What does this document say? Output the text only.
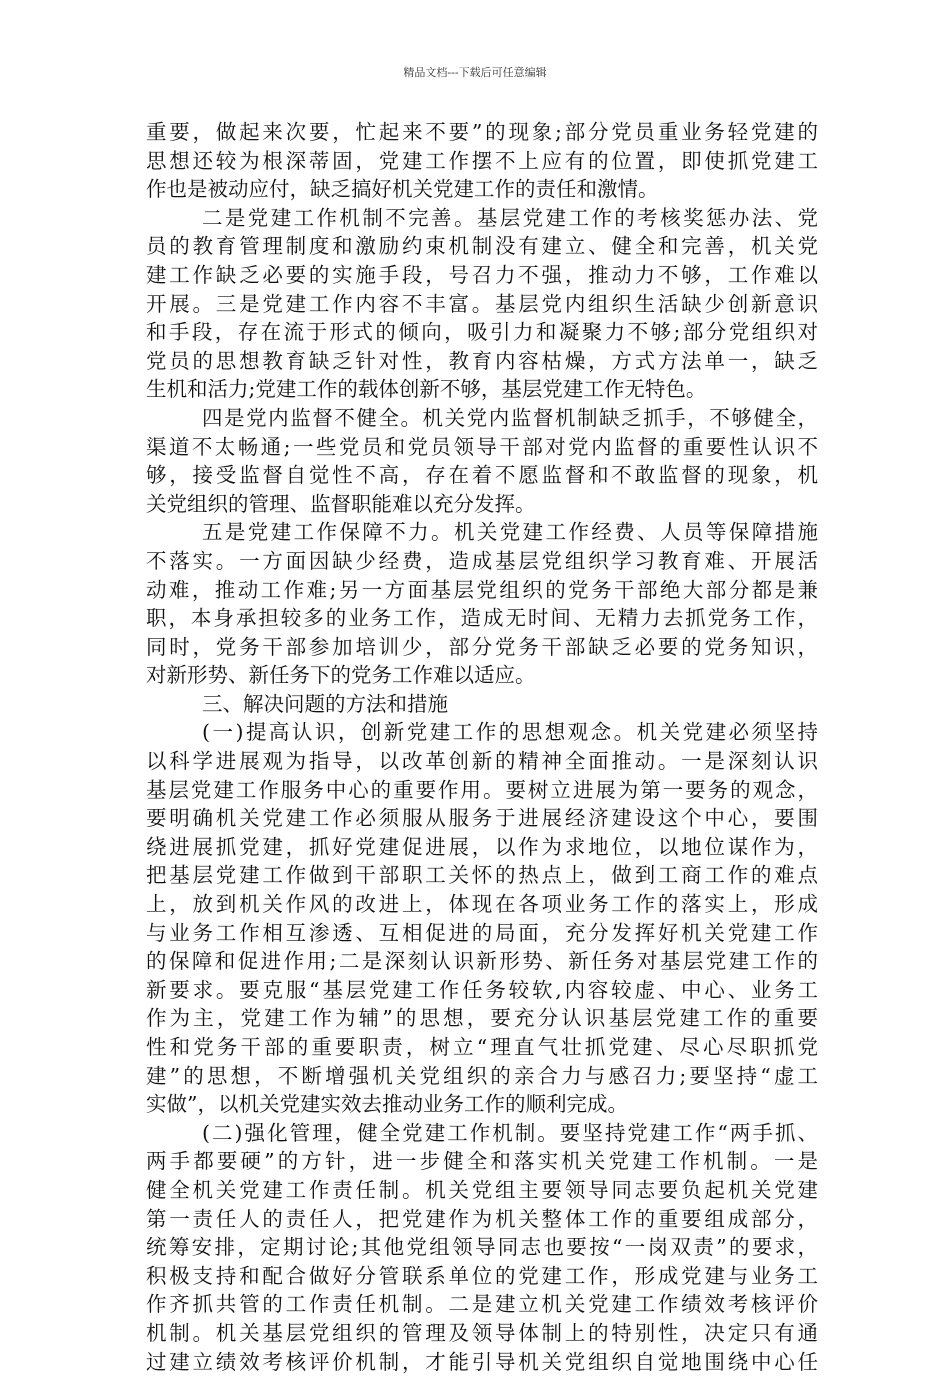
精品文档---下载后可任意编辑
重要，做起来次要，忙起来不要”的现象;部分党员重业务轻党建的
思想还较为根深蒂固，党建工作摆不上应有的位置，即使抓党建工
作也是被动应付，缺乏搞好机关党建工作的责任和激情。
二是党建工作机制不完善。基层党建工作的考核奖惩办法、党
员的教育管理制度和激励约束机制没有建立、健全和完善，机关党
建工作缺乏必要的实施手段，号召力不强，推动力不够，工作难以
开展。三是党建工作内容不丰富。基层党内组织生活缺少创新意识
和手段，存在流于形式的倾向，吸引力和凝聚力不够;部分党组织对
党员的思想教育缺乏针对性，教育内容枯燥，方式方法单一，缺乏
生机和活力;党建工作的载体创新不够，基层党建工作无特色。
四是党内监督不健全。机关党内监督机制缺乏抓手，不够健全，
渠道不太畅通;一些党员和党员领导干部对党内监督的重要性认识不
够，接受监督自觉性不高，存在着不愿监督和不敢监督的现象，机
关党组织的管理、监督职能难以充分发挥。
五是党建工作保障不力。机关党建工作经费、人员等保障措施
不落实。一方面因缺少经费，造成基层党组织学习教育难、开展活
动难，推动工作难;另一方面基层党组织的党务干部绝大部分都是兼
职，本身承担较多的业务工作，造成无时间、无精力去抓党务工作，
同时，党务干部参加培训少，部分党务干部缺乏必要的党务知识，
对新形势、新任务下的党务工作难以适应。
三、解决问题的方法和措施
(一)提高认识，创新党建工作的思想观念。机关党建必须坚持
以科学进展观为指导，以改革创新的精神全面推动。一是深刻认识
基层党建工作服务中心的重要作用。要树立进展为第一要务的观念，
要明确机关党建工作必须服从服务于进展经济建设这个中心，要围
绕进展抓党建，抓好党建促进展，以作为求地位，以地位谋作为，
把基层党建工作做到干部职工关怀的热点上，做到工商工作的难点
上，放到机关作风的改进上，体现在各项业务工作的落实上，形成
与业务工作相互渗透、互相促进的局面，充分发挥好机关党建工作
的保障和促进作用;二是深刻认识新形势、新任务对基层党建工作的
新要求。要克服“基层党建工作任务较软,内容较虚、中心、业务工
作为主，党建工作为辅”的思想，要充分认识基层党建工作的重要
性和党务干部的重要职责，树立“理直气壮抓党建、尽心尽职抓党
建”的思想，不断增强机关党组织的亲合力与感召力;要坚持“虚工
实做”，以机关党建实效去推动业务工作的顺利完成。
(二)强化管理，健全党建工作机制。要坚持党建工作“两手抓、
两手都要硬”的方针，进一步健全和落实机关党建工作机制。一是
健全机关党建工作责任制。机关党组主要领导同志要负起机关党建
第一责任人的责任人，把党建作为机关整体工作的重要组成部分，
统筹安排，定期讨论;其他党组领导同志也要按“一岗双责”的要求，
积极支持和配合做好分管联系单位的党建工作，形成党建与业务工
作齐抓共管的工作责任机制。二是建立机关党建工作绩效考核评价
机制。机关基层党组织的管理及领导体制上的特别性，决定只有通
过建立绩效考核评价机制，才能引导机关党组织自觉地围绕中心任
